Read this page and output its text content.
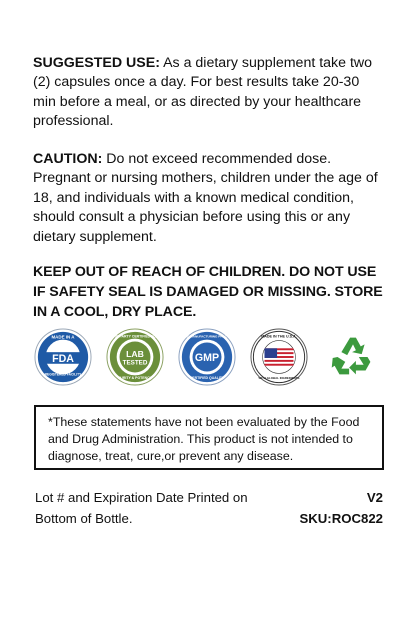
SUGGESTED USE: As a dietary supplement take two (2) capsules once a day. For best results take 20-30 min before a meal, or as directed by your healthcare professional.
CAUTION: Do not exceed recommended dose. Pregnant or nursing mothers, children under the age of 18, and individuals with a known medical condition, should consult a physician before using this or any dietary supplement.
KEEP OUT OF REACH OF CHILDREN. DO NOT USE IF SAFETY SEAL IS DAMAGED OR MISSING. STORE IN A COOL, DRY PLACE.
MADE IN A
FDA
REGISTERED FACILITY
3RD PARTY CERTIFIED FOR
LAB
TESTED
PURITY & POTENCY
GOOD MANUFACTURING PRACTICE
GMP
CERTIFIED QUALITY
MADE IN THE U.S.A.
WITH GLOBAL INGREDIENTS
*These statements have not been evaluated by the Food and Drug Administration. This product is not intended to diagnose, treat, cure,or prevent any disease.
Lot # and Expiration Date Printed on Bottom of Bottle.
V2
SKU:ROC822
